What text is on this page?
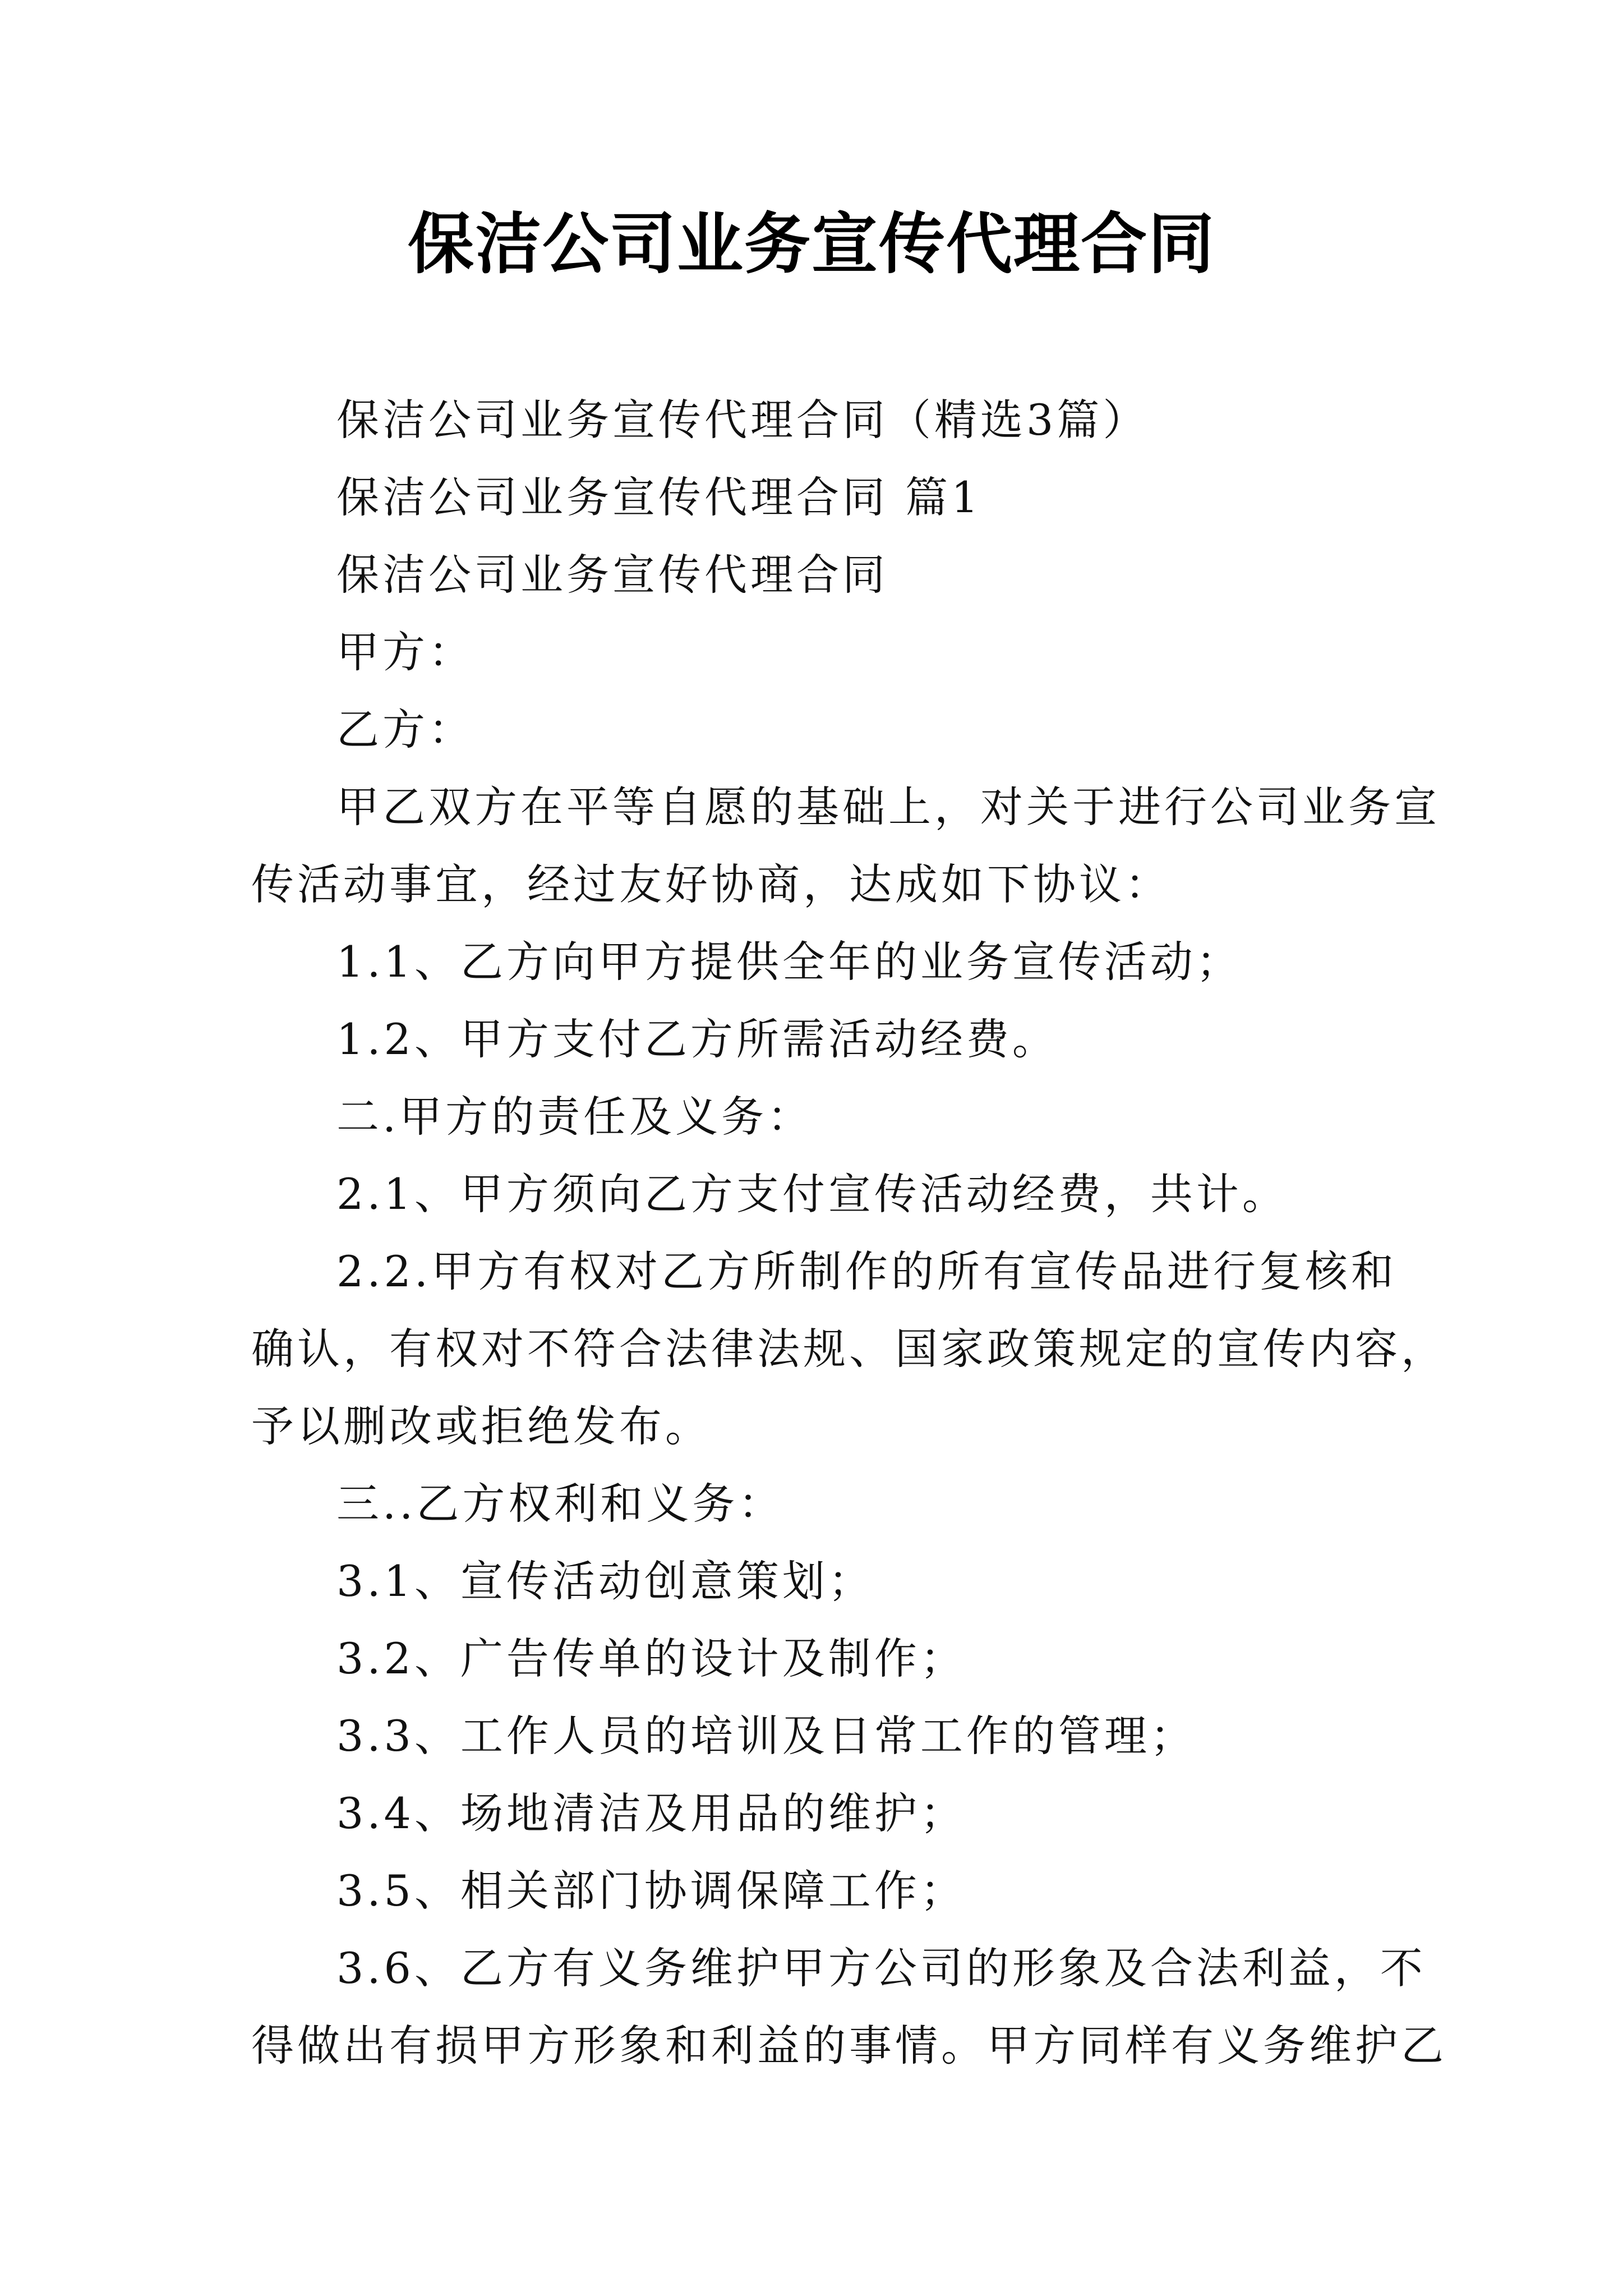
保洁公司业务宣传代理合同

保洁公司业务宣传代理合同（精选3篇）

保洁公司业务宣传代理合同 篇1

保洁公司业务宣传代理合同

甲方：

乙方：

甲乙双方在平等自愿的基础上，对关于进行公司业务宣
传活动事宜，经过友好协商，达成如下协议：

1.1、乙方向甲方提供全年的业务宣传活动；

1.2、甲方支付乙方所需活动经费。

二.甲方的责任及义务：

2.1、甲方须向乙方支付宣传活动经费，共计。

2.2.甲方有权对乙方所制作的所有宣传品进行复核和
确认，有权对不符合法律法规、国家政策规定的宣传内容，
予以删改或拒绝发布。

三..乙方权利和义务：

3.1、宣传活动创意策划；

3.2、广告传单的设计及制作；

3.3、工作人员的培训及日常工作的管理；

3.4、场地清洁及用品的维护；

3.5、相关部门协调保障工作；

3.6、乙方有义务维护甲方公司的形象及合法利益，不
得做出有损甲方形象和利益的事情。甲方同样有义务维护乙
